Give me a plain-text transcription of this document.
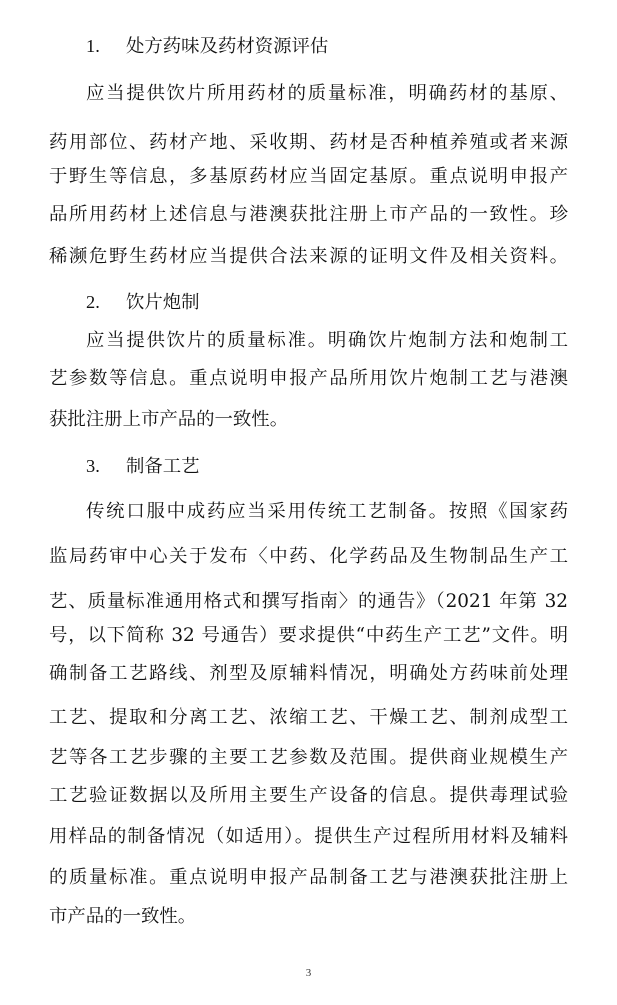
1. 处方药味及药材资源评估
应当提供饮片所用药材的质量标准，明确药材的基原、
药用部位、药材产地、采收期、药材是否种植养殖或者来源
于野生等信息，多基原药材应当固定基原。重点说明申报产
品所用药材上述信息与港澳获批注册上市产品的一致性。珍
稀濒危野生药材应当提供合法来源的证明文件及相关资料。
2. 饮片炮制
应当提供饮片的质量标准。明确饮片炮制方法和炮制工
艺参数等信息。重点说明申报产品所用饮片炮制工艺与港澳
获批注册上市产品的一致性。
3. 制备工艺
传统口服中成药应当采用传统工艺制备。按照《国家药
监局药审中心关于发布〈中药、化学药品及生物制品生产工
艺、质量标准通用格式和撰写指南〉的通告》（2021 年第 32
号，以下简称 32 号通告）要求提供“中药生产工艺”文件。明
确制备工艺路线、剂型及原辅料情况，明确处方药味前处理
工艺、提取和分离工艺、浓缩工艺、干燥工艺、制剂成型工
艺等各工艺步骤的主要工艺参数及范围。提供商业规模生产
工艺验证数据以及所用主要生产设备的信息。提供毒理试验
用样品的制备情况（如适用）。提供生产过程所用材料及辅料
的质量标准。重点说明申报产品制备工艺与港澳获批注册上
市产品的一致性。
3
